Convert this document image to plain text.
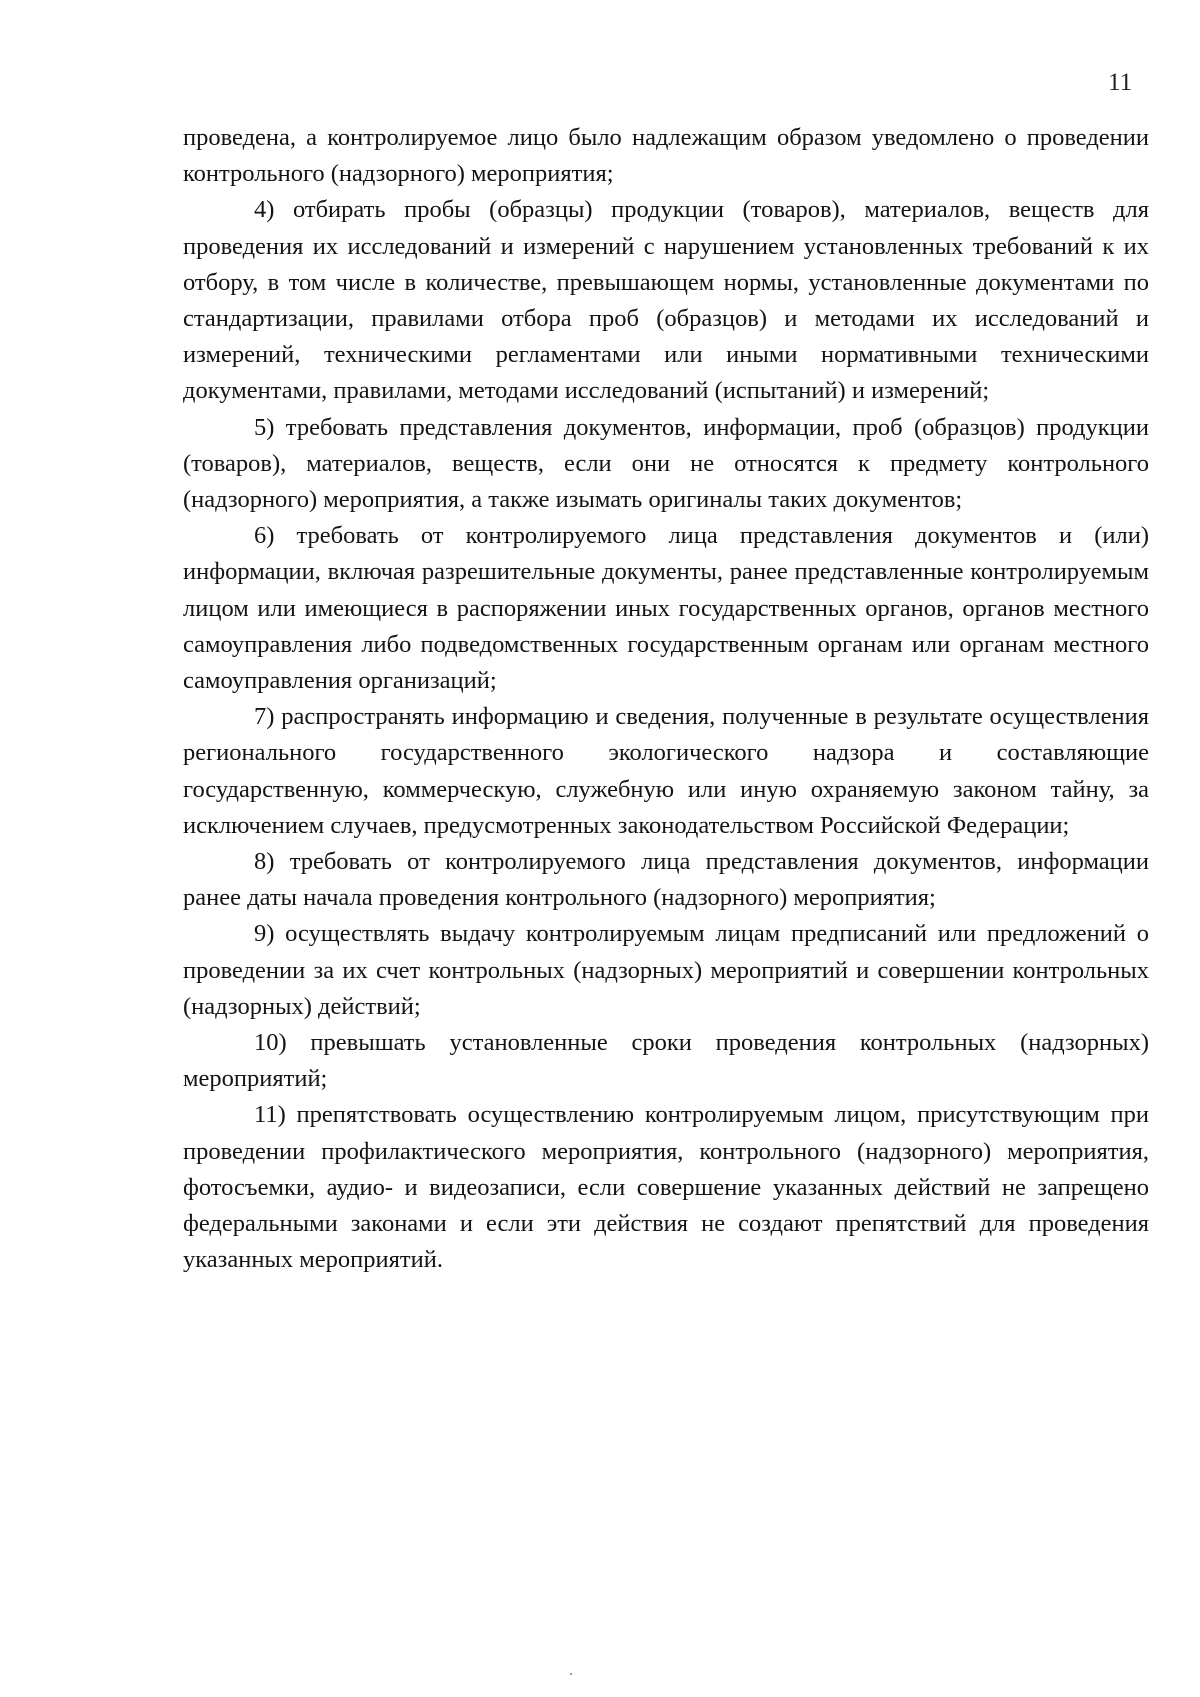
11

проведена, а контролируемое лицо было надлежащим образом уведомлено о проведении контрольного (надзорного) мероприятия;

4) отбирать пробы (образцы) продукции (товаров), материалов, веществ для проведения их исследований и измерений с нарушением установленных требований к их отбору, в том числе в количестве, превышающем нормы, установленные документами по стандартизации, правилами отбора проб (образцов) и методами их исследований и измерений, техническими регламентами или иными нормативными техническими документами, правилами, методами исследований (испытаний) и измерений;

5) требовать представления документов, информации, проб (образцов) продукции (товаров), материалов, веществ, если они не относятся к предмету контрольного (надзорного) мероприятия, а также изымать оригиналы таких документов;

6) требовать от контролируемого лица представления документов и (или) информации, включая разрешительные документы, ранее представленные контролируемым лицом или имеющиеся в распоряжении иных государственных органов, органов местного самоуправления либо подведомственных государственным органам или органам местного самоуправления организаций;

7) распространять информацию и сведения, полученные в результате осуществления регионального государственного экологического надзора и составляющие государственную, коммерческую, служебную или иную охраняемую законом тайну, за исключением случаев, предусмотренных законодательством Российской Федерации;

8) требовать от контролируемого лица представления документов, информации ранее даты начала проведения контрольного (надзорного) мероприятия;

9) осуществлять выдачу контролируемым лицам предписаний или предложений о проведении за их счет контрольных (надзорных) мероприятий и совершении контрольных (надзорных) действий;

10) превышать установленные сроки проведения контрольных (надзорных) мероприятий;

11) препятствовать осуществлению контролируемым лицом, присутствующим при проведении профилактического мероприятия, контрольного (надзорного) мероприятия, фотосъемки, аудио- и видеозаписи, если совершение указанных действий не запрещено федеральными законами и если эти действия не создают препятствий для проведения указанных мероприятий.
